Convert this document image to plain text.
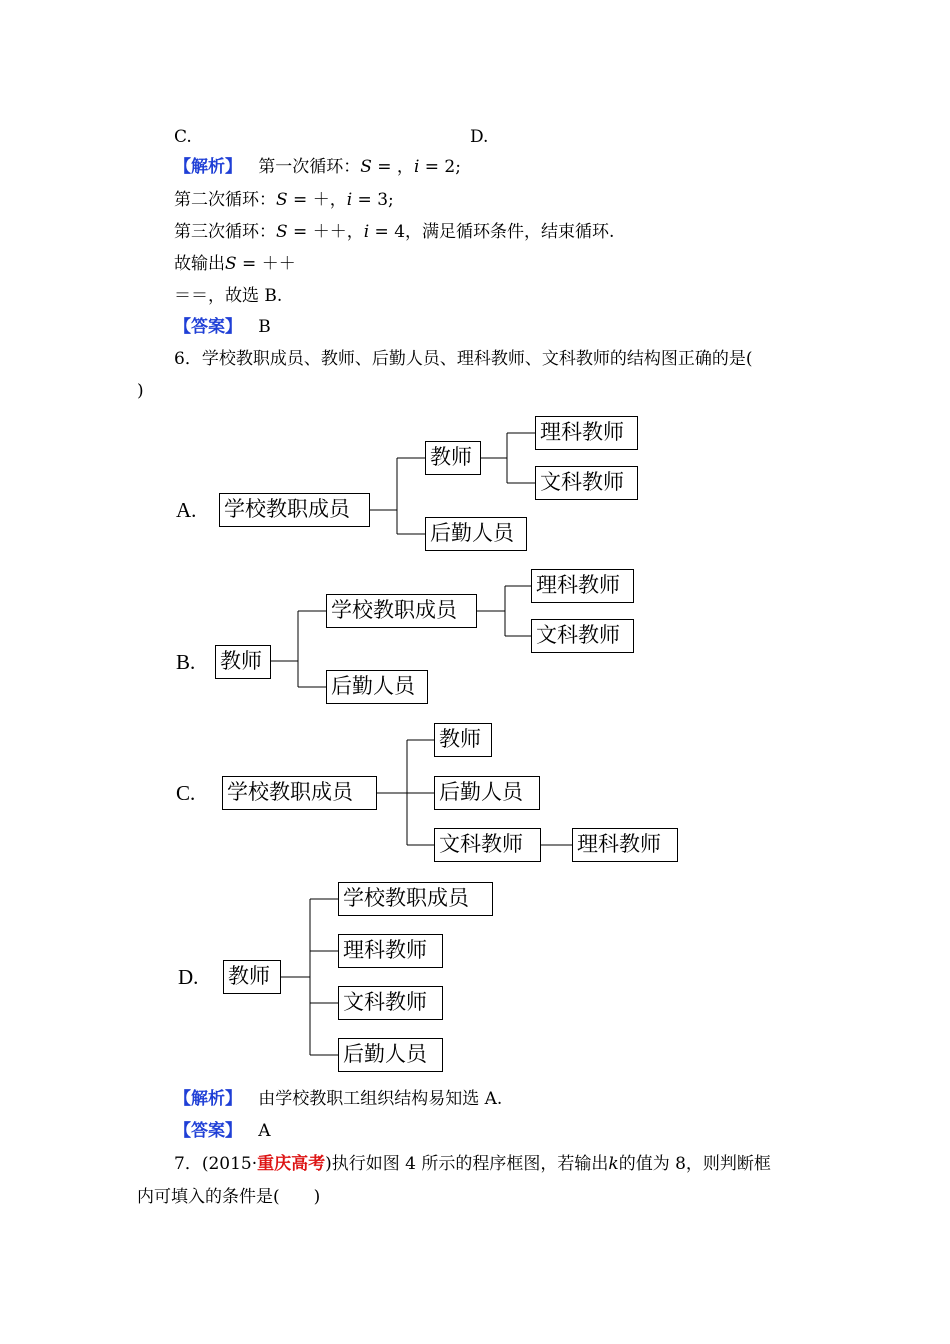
C.	D.
【解析】 第一次循环：S = ，i = 2;
第二次循环：S = ＋，i = 3;
第三次循环：S = ＋＋，i = 4，满足循环条件，结束循环.
故输出S = ＋＋
＝＝，故选 B.
【答案】 B
6．学校教职成员、教师、后勤人员、理科教师、文科教师的结构图正确的是(
)
A. 学校教职成员
教师
理科教师
文科教师
后勤人员
B. 教师
学校教职成员
理科教师
文科教师
后勤人员
C. 学校教职成员
教师
后勤人员
文科教师	理科教师
D. 教师
学校教职成员
理科教师
文科教师
后勤人员
【解析】 由学校教职工组织结构易知选 A.
【答案】 A
7．(2015·重庆高考)执行如图 4 所示的程序框图，若输出k的值为 8，则判断框
内可填入的条件是(　　)
